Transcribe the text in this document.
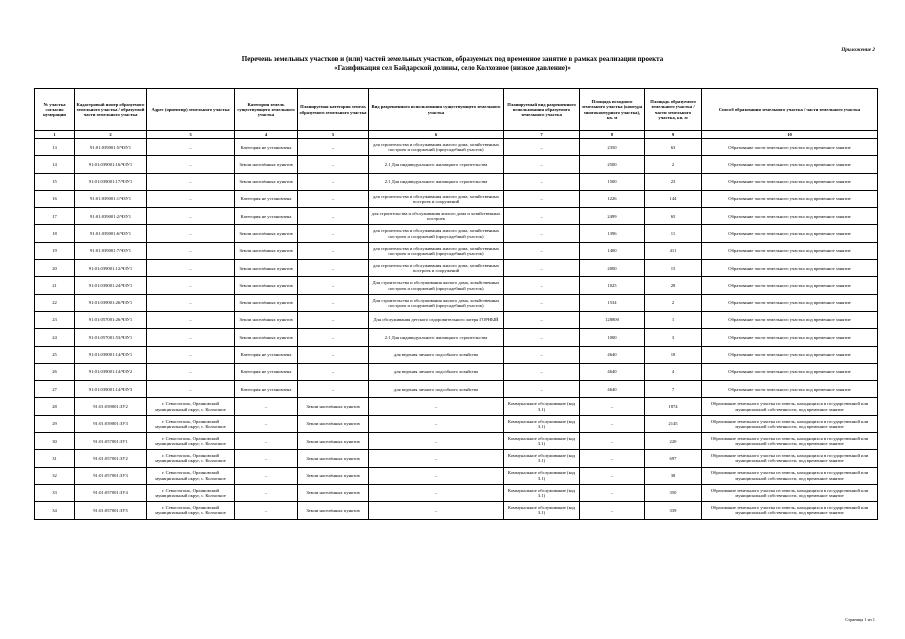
Приложение 2
Перечень земельных участков и (или) частей земельных участков, образуемых под временное занятие в рамках реализации проекта
«Газификация сел Байдарской долины, село Колхозное (низкое давление)»
№ участка согласно нумерации	Кадастровый номер образуемого земельного участка / образуемой части земельного участка	Адрес (ориентир) земельного участка	Категория земель существующего земельного участка	Планируемая категория земель образуемого земельного участка	Вид разрешенного использования существующего земельного участка	Планируемый вид разрешенного использования образуемого земельного участка	Площадь исходного земельного участка (контура многоконтурного участка), кв. м	Площадь образуемого земельного участка / части земельного участка, кв. м	Способ образования земельного участка / части земельного участка
1	2	3	4	5	6	7	8	9	10
13	91:01:039001:5/ЧЗУ1	–	Категория не установлена	–	для строительства и обслуживания жилого дома, хозяйственных построек и сооружений (приусадебный участок)	–	2350	63	Образование части земельного участка под временное занятие
14	91:01:039001:16/ЧЗУ1	–	Земли населённых пунктов	–	2.1 Для индивидуального жилищного строительства	–	2500	2	Образование части земельного участка под временное занятие
15	91:01:039001:17/ЧЗУ1	–	Земли населённых пунктов	–	2.1 Для индивидуального жилищного строительства	–	1500	23	Образование части земельного участка под временное занятие
16	91:01:039001:1/ЧЗУ1	–	Категория не установлена	–	для строительства и обслуживания жилого дома, хозяйственных построек и сооружений	–	1226	144	Образование части земельного участка под временное занятие
17	91:01:039001:2/ЧЗУ1	–	Категория не установлена	–	для строительства и обслуживания жилого дома и хозяйственных построек	–	2499	65	Образование части земельного участка под временное занятие
18	91:01:039001:6/ЧЗУ1	–	Земли населённых пунктов	–	для строительства и обслуживания жилого дома, хозяйственных построек и сооружений (приусадебный участок)	–	1396	11	Образование части земельного участка под временное занятие
19	91:01:039001:7/ЧЗУ1	–	Земли населённых пунктов	–	для строительства и обслуживания жилого дома, хозяйственных построек и сооружений (приусадебный участок)	–	1400	411	Образование части земельного участка под временное занятие
20	91:01:039001:12/ЧЗУ1	–	Земли населённых пунктов	–	для строительства и обслуживания жилого дома, хозяйственных построек и сооружений	–	2000	15	Образование части земельного участка под временное занятие
21	91:01:039001:24/ЧЗУ1	–	Земли населённых пунктов	–	Для строительства и обслуживания жилого дома, хозяйственных построек и сооружений (приусадебный участок)	–	1025	28	Образование части земельного участка под временное занятие
22	91:01:039001:26/ЧЗУ1	–	Земли населённых пунктов	–	Для строительства и обслуживания жилого дома, хозяйственных построек и сооружений (приусадебный участок)	–	1534	2	Образование части земельного участка под временное занятие
23	91:01:057001:26/ЧЗУ1	–	Земли населённых пунктов	–	Для обслуживания детского оздоровительного лагеря ГОРНЫЙ	–	128800	1	Образование части земельного участка под временное занятие
24	91:01:057001:53/ЧЗУ1	–	Земли населённых пунктов	–	2.1 Для индивидуального жилищного строительства	–	1000	3	Образование части земельного участка под временное занятие
25	91:01:039001:14/ЧЗУ1	–	Категория не установлена	–	для ведения личного подсобного хозяйства	–	4640	18	Образование части земельного участка под временное занятие
26	91:01:039001:14/ЧЗУ2	–	Категория не установлена	–	для ведения личного подсобного хозяйства	–	4640	4	Образование части земельного участка под временное занятие
27	91:01:039001:14/ЧЗУ3	–	Категория не установлена	–	для ведения личного подсобного хозяйства	–	4640	7	Образование части земельного участка под временное занятие
28	91:01:039001:ЗУ2	г. Севастополь, Орлиновский муниципальный округ, с. Колхозное	–	Земли населённых пунктов	–	Коммунальное обслуживание (код 3.1)	–	1874	Образование земельного участка из земель, находящихся в государственной или муниципальной собственности, под временное занятие
29	91:01:039001:ЗУ3	г. Севастополь, Орлиновский муниципальный округ, с. Колхозное	–	Земли населённых пунктов	–	Коммунальное обслуживание (код 3.1)	–	2145	Образование земельного участка из земель, находящихся в государственной или муниципальной собственности, под временное занятие
30	91:01:057001:ЗУ1	г. Севастополь, Орлиновский муниципальный округ, с. Колхозное	–	Земли населённых пунктов	–	Коммунальное обслуживание (код 3.1)	–	220	Образование земельного участка из земель, находящихся в государственной или муниципальной собственности, под временное занятие
31	91:01:057001:ЗУ2	г. Севастополь, Орлиновский муниципальный округ, с. Колхозное	–	Земли населённых пунктов	–	Коммунальное обслуживание (код 3.1)	–	697	Образование земельного участка из земель, находящихся в государственной или муниципальной собственности, под временное занятие
32	91:01:057001:ЗУ3	г. Севастополь, Орлиновский муниципальный округ, с. Колхозное	–	Земли населённых пунктов	–	Коммунальное обслуживание (код 3.1)	–	38	Образование земельного участка из земель, находящихся в государственной или муниципальной собственности, под временное занятие
33	91:01:057001:ЗУ4	г. Севастополь, Орлиновский муниципальный округ, с. Колхозное	–	Земли населённых пунктов	–	Коммунальное обслуживание (код 3.1)	–	350	Образование земельного участка из земель, находящихся в государственной или муниципальной собственности, под временное занятие
34	91:01:057001:ЗУ5	г. Севастополь, Орлиновский муниципальный округ, с. Колхозное	–	Земли населённых пунктов	–	Коммунальное обслуживание (код 3.1)	–	339	Образование земельного участка из земель, находящихся в государственной или муниципальной собственности, под временное занятие
Страница 1 из 1
